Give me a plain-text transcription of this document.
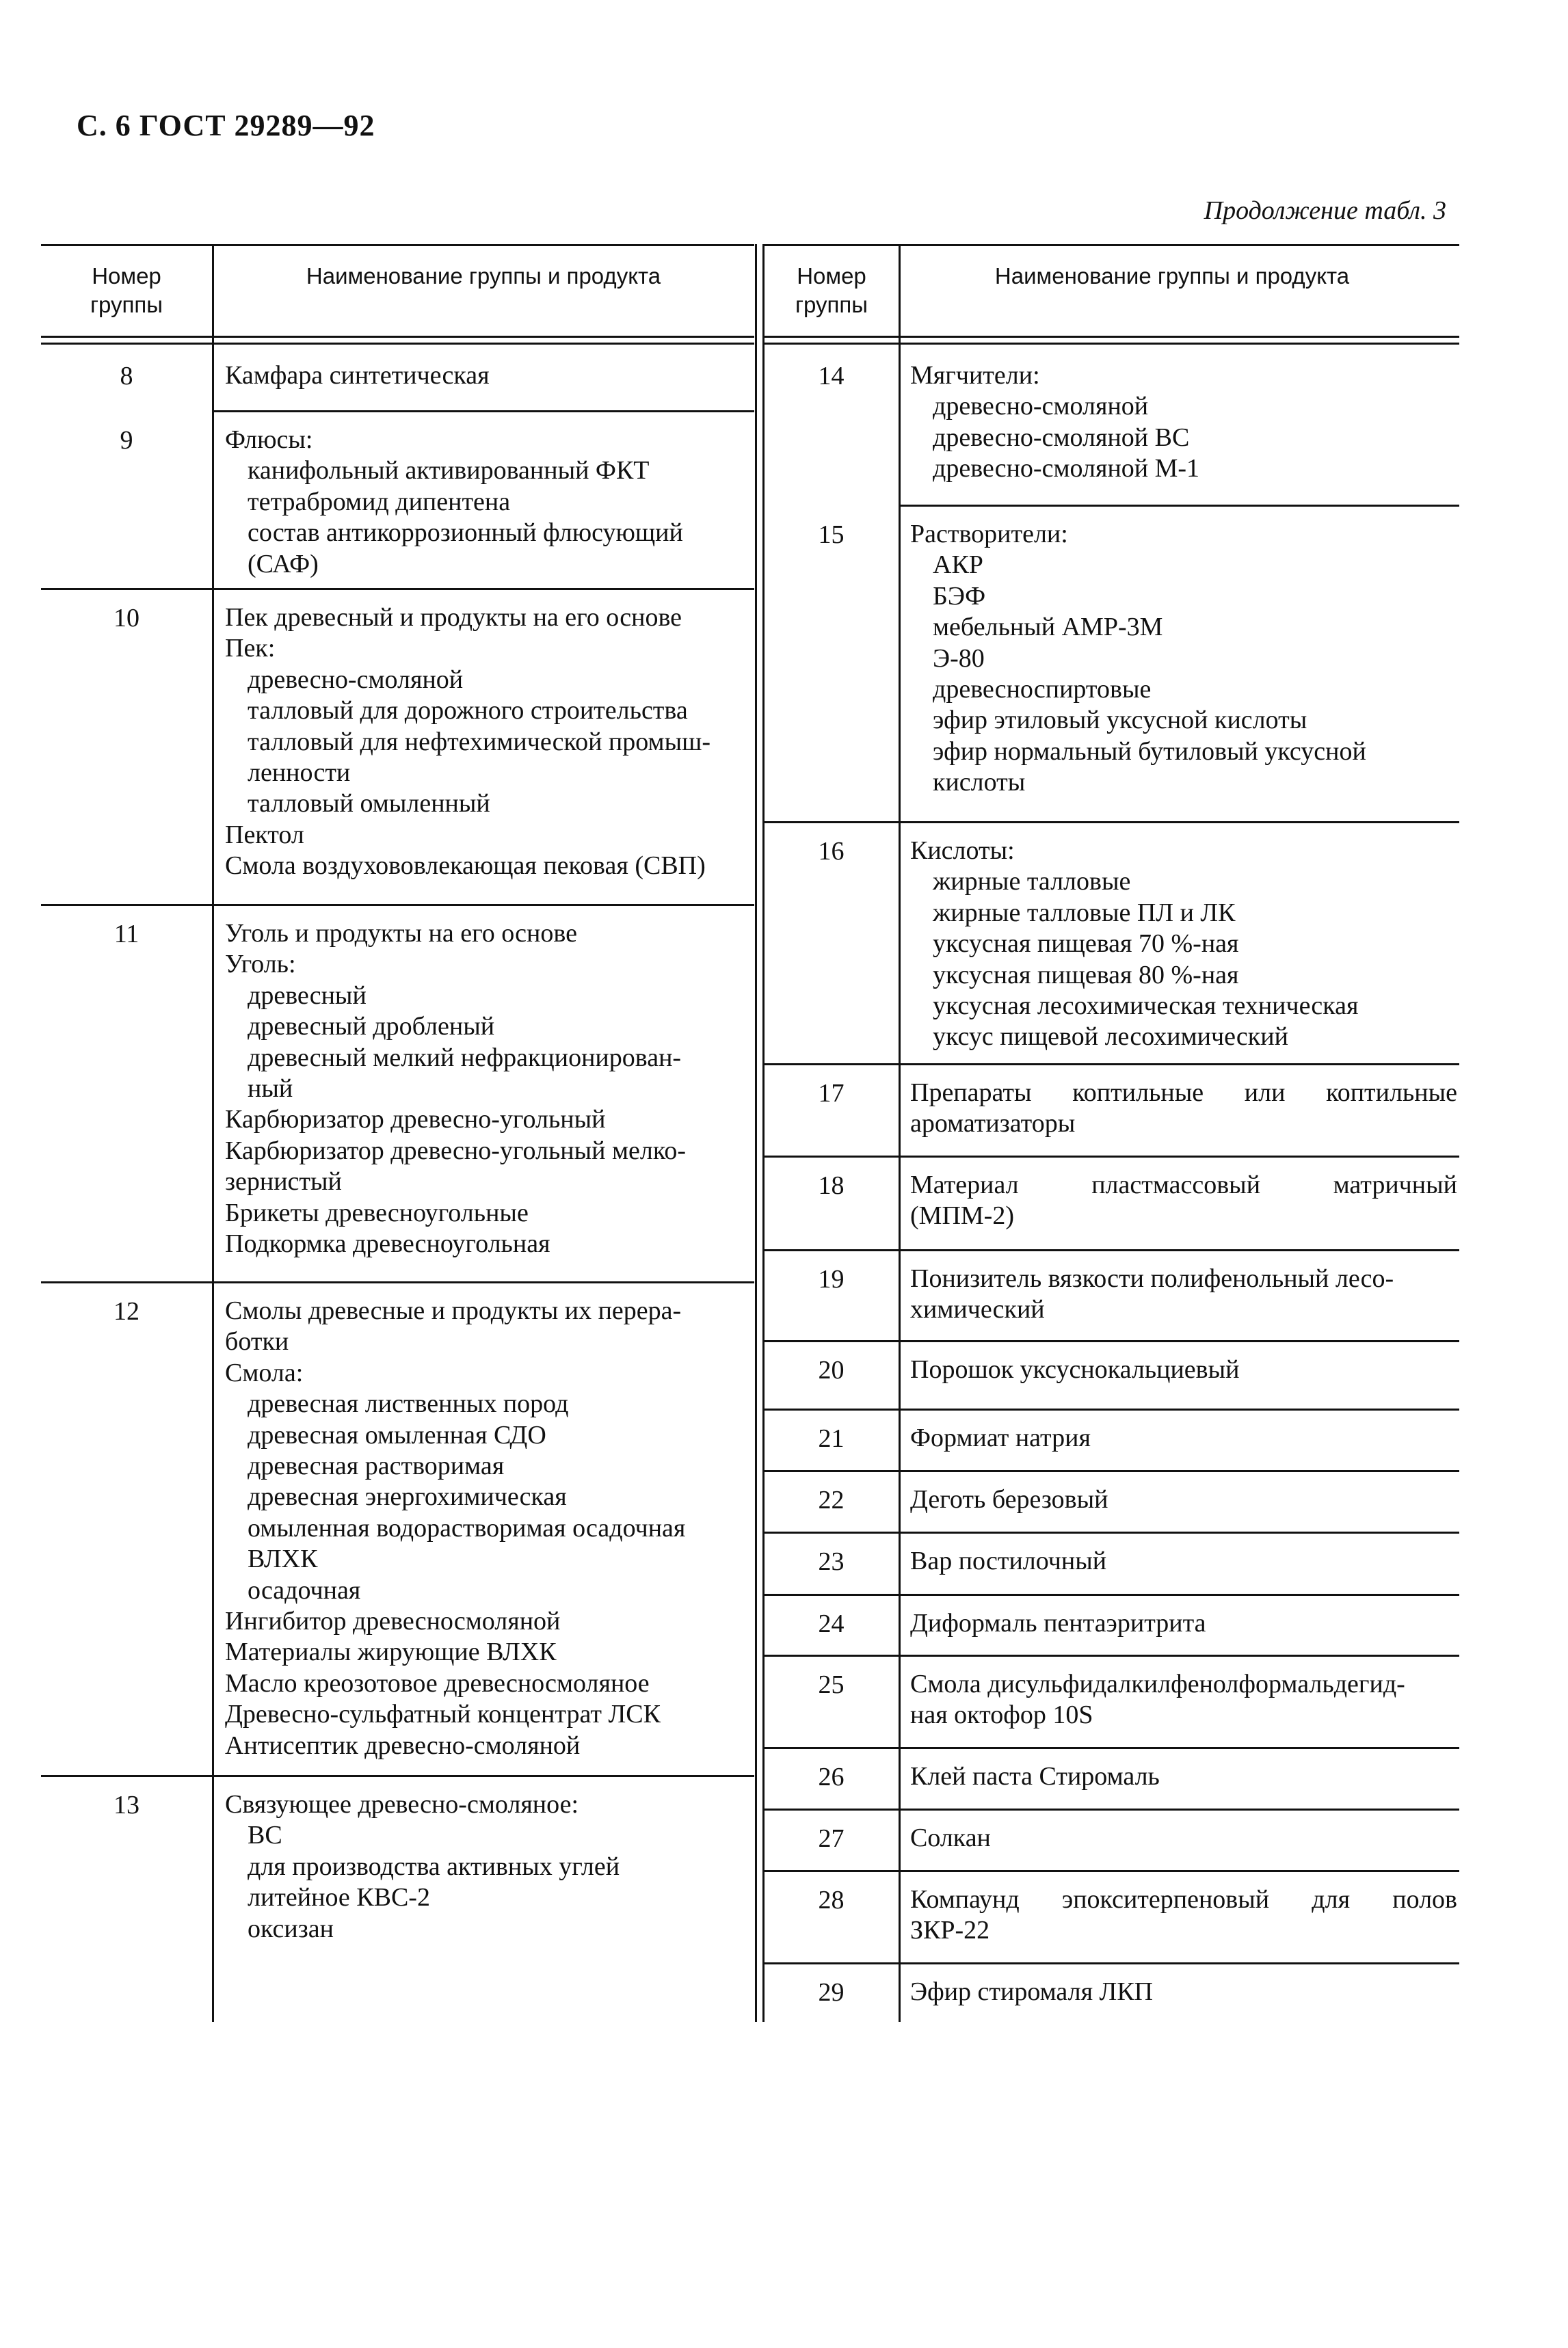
С. 6 ГОСТ 29289—92
Продолжение табл. 3
Номер
группы
Наименование группы и продукта	Номер
группы
Наименование группы и продукта
8
9
10
11
12
13
Камфара синтетическая
Флюсы:
канифольный активированный ФКТ
тетрабромид дипентена
состав антикоррозионный флюсующий
(САФ)
Пек древесный и продукты на его основе
Пек:
древесно-смоляной
талловый для дорожного строительства
талловый для нефтехимической промыш-
ленности
талловый омыленный
Пектол
Смола воздухововлекающая пековая (СВП)
Уголь и продукты на его основе
Уголь:
древесный
древесный дробленый
древесный мелкий нефракционирован-
ный
Карбюризатор древесно-угольный
Карбюризатор древесно-угольный мелко-
зернистый
Брикеты древесноугольные
Подкормка древесноугольная
Смолы древесные и продукты их перера-
ботки
Смола:
древесная лиственных пород
древесная омыленная СДО
древесная растворимая
древесная энергохимическая
омыленная водорастворимая осадочная
ВЛХК
осадочная
Ингибитор древесносмоляной
Материалы жирующие ВЛХК
Масло креозотовое древесносмоляное
Древесно-сульфатный концентрат ЛСК
Антисептик древесно-смоляной
Связующее древесно-смоляное:
ВС
для производства активных углей
литейное КВС-2
оксизан
14
15
16
17
18
19
20
21
22
23
24
25
26
27
28
29
Мягчители:
древесно-смоляной
древесно-смоляной ВС
древесно-смоляной М-1
Растворители:
АКР
БЭФ
мебельный АМР-3М
Э-80
древесноспиртовые
эфир этиловый уксусной кислоты
эфир нормальный бутиловый уксусной
кислоты
Кислоты:
жирные талловые
жирные талловые ПЛ и ЛК
уксусная пищевая 70 %-ная
уксусная пищевая 80 %-ная
уксусная лесохимическая техническая
уксус пищевой лесохимический
Препараты коптильные или коптильные
ароматизаторы
Материал пластмассовый матричный
(МПМ-2)
Понизитель вязкости полифенольный лесо-
химический
Порошок уксуснокальциевый
Формиат натрия
Деготь березовый
Вар постилочный
Диформаль пентаэритрита
Смола дисульфидалкилфенолформальдегид-
ная октофор 10S
Клей паста Стиромаль
Солкан
Компаунд эпокситерпеновый для полов
ЗКР-22
Эфир стиромаля ЛКП
